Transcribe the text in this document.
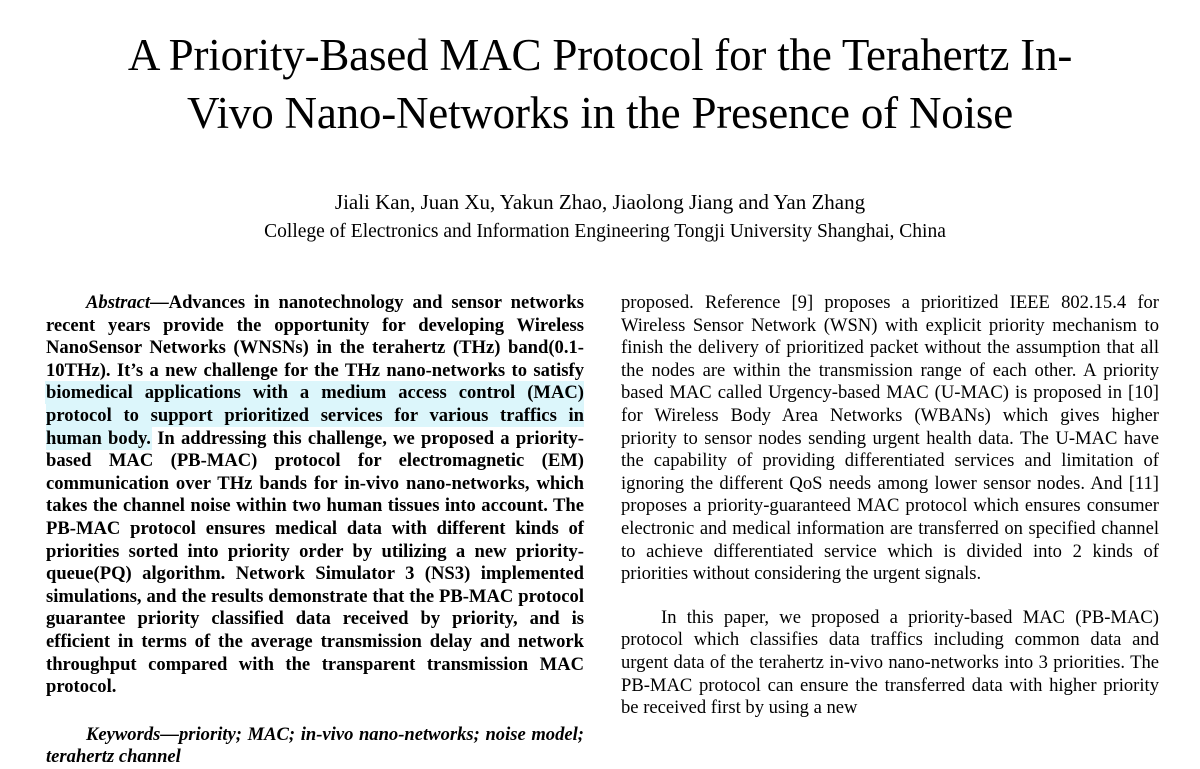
A Priority-Based MAC Protocol for the Terahertz In-
Vivo Nano-Networks in the Presence of Noise
Jiali Kan, Juan Xu, Yakun Zhao, Jiaolong Jiang and Yan Zhang
College of Electronics and Information Engineering Tongji University Shanghai, China

Abstract—Advances in nanotechnology and sensor networks recent years provide the opportunity for developing Wireless NanoSensor Networks (WNSNs) in the terahertz (THz) band(0.1-10THz). It’s a new challenge for the THz nano-networks to satisfy biomedical applications with a medium access control (MAC) protocol to support prioritized services for various traffics in human body. In addressing this challenge, we proposed a priority-based MAC (PB-MAC) protocol for electromagnetic (EM) communication over THz bands for in-vivo nano-networks, which takes the channel noise within two human tissues into account. The PB-MAC protocol ensures medical data with different kinds of priorities sorted into priority order by utilizing a new priority-queue(PQ) algorithm. Network Simulator 3 (NS3) implemented simulations, and the results demonstrate that the PB-MAC protocol guarantee priority classified data received by priority, and is efficient in terms of the average transmission delay and network throughput compared with the transparent transmission MAC protocol.

Keywords—priority; MAC; in-vivo nano-networks; noise model; terahertz channel

proposed. Reference [9] proposes a prioritized IEEE 802.15.4 for Wireless Sensor Network (WSN) with explicit priority mechanism to finish the delivery of prioritized packet without the assumption that all the nodes are within the transmission range of each other. A priority based MAC called Urgency-based MAC (U-MAC) is proposed in [10] for Wireless Body Area Networks (WBANs) which gives higher priority to sensor nodes sending urgent health data. The U-MAC have the capability of providing differentiated services and limitation of ignoring the different QoS needs among lower sensor nodes. And [11] proposes a priority-guaranteed MAC protocol which ensures consumer electronic and medical information are transferred on specified channel to achieve differentiated service which is divided into 2 kinds of priorities without considering the urgent signals.

In this paper, we proposed a priority-based MAC (PB-MAC) protocol which classifies data traffics including common data and urgent data of the terahertz in-vivo nano-networks into 3 priorities. The PB-MAC protocol can ensure the transferred data with higher priority be received first by using a new
